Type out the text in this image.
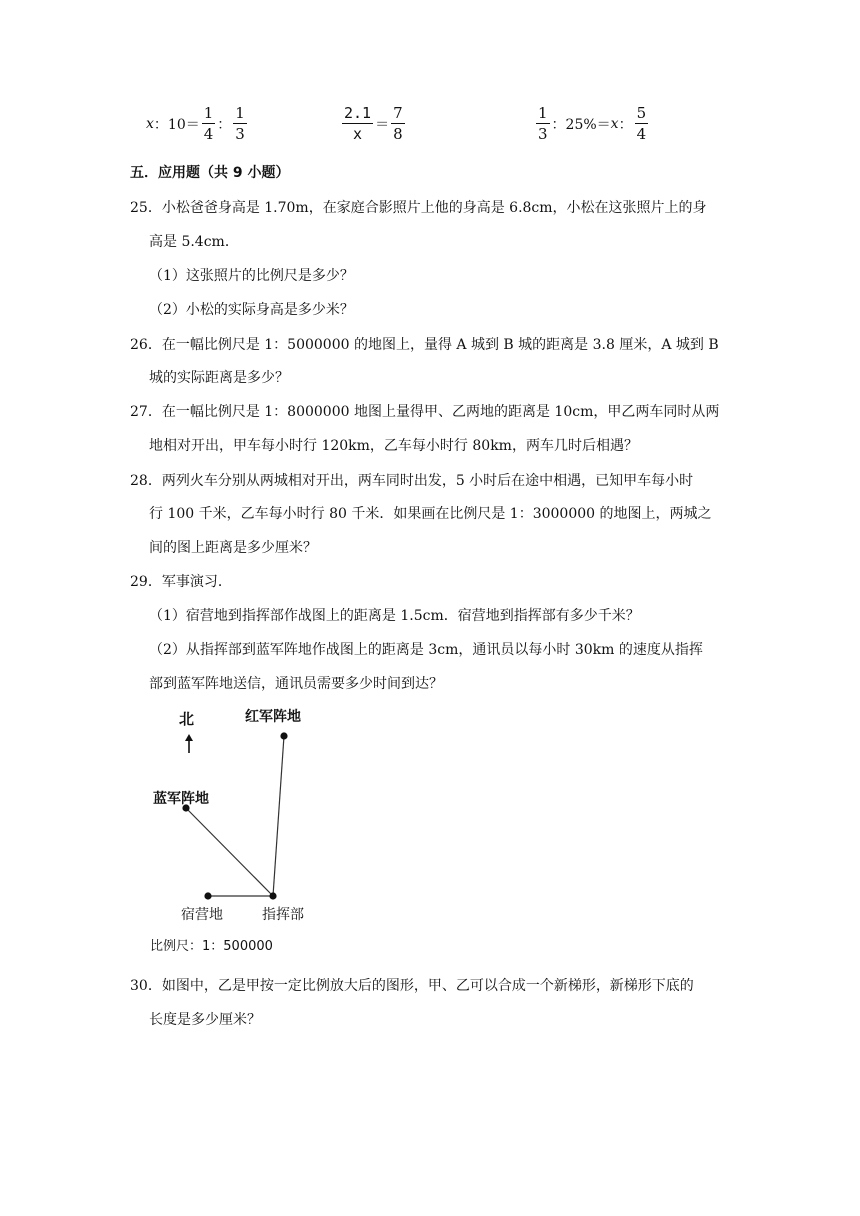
x ：$10= \frac{1}{4}$ ： $\frac{1}{3}$	$\frac{2.1}{x} = \frac{7}{8}$	$\frac{1}{3}$ ：25%＝ x ： $\frac{5}{4}$
五．应用题（共 9 小题）
25．小松爸爸身高是 1.70m，在家庭合影照片上他的身高是 6.8cm，小松在这张照片上的身
高是 5.4cm．
（1）这张照片的比例尺是多少？
（2）小松的实际身高是多少米？
26．在一幅比例尺是 1：5000000 的地图上，量得 A 城到 B 城的距离是 3.8 厘米，A 城到 B
城的实际距离是多少？
27．在一幅比例尺是 1：8000000 地图上量得甲、乙两地的距离是 10cm，甲乙两车同时从两
地相对开出，甲车每小时行 120km，乙车每小时行 80km，两车几时后相遇？
28．两列火车分别从两城相对开出，两车同时出发，5 小时后在途中相遇，已知甲车每小时
行 100 千米，乙车每小时行 80 千米．如果画在比例尺是 1：3000000 的地图上，两城之
间的图上距离是多少厘米？
29．军事演习．
（1）宿营地到指挥部作战图上的距离是 1.5cm．宿营地到指挥部有多少千米？
（2）从指挥部到蓝军阵地作战图上的距离是 3cm，通讯员以每小时 30km 的速度从指挥
部到蓝军阵地送信，通讯员需要多少时间到达？
北	红军阵地
蓝军阵地
宿营地	指挥部
比例尺：1：500000
30．如图中，乙是甲按一定比例放大后的图形，甲、乙可以合成一个新梯形，新梯形下底的
长度是多少厘米？
